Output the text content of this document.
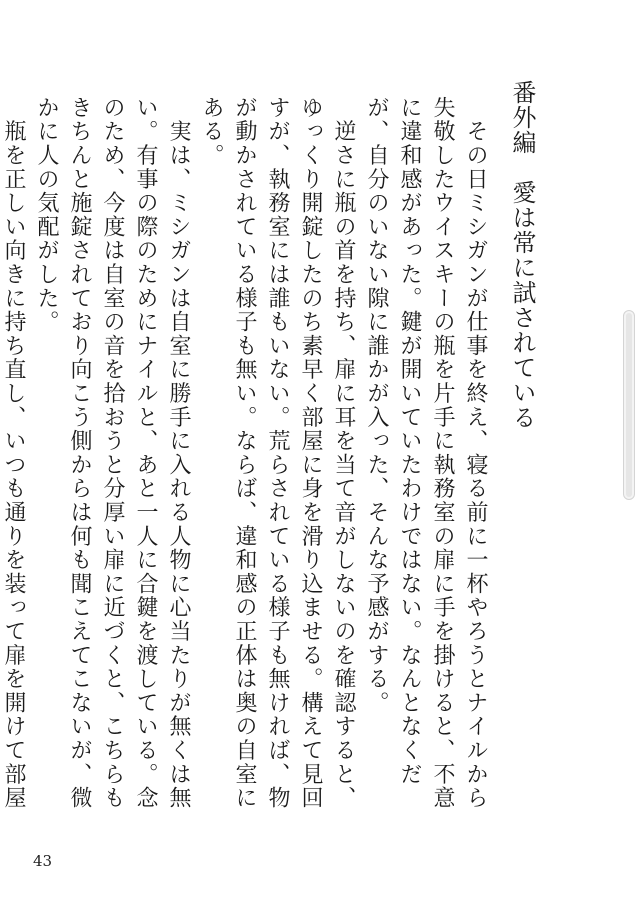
番外編　愛は常に試されている

　その日ミシガンが仕事を終え、寝る前に一杯やろうとナイルから失敬したウイスキーの瓶を片手に執務室の扉に手を掛けると、不意に違和感があった。鍵が開いていたわけではない。なんとなくだが、自分のいない隙に誰かが入った、そんな予感がする。

　逆さに瓶の首を持ち、扉に耳を当て音がしないのを確認すると、ゆっくり開錠したのち素早く部屋に身を滑り込ませる。構えて見回すが、執務室には誰もいない。荒らされている様子も無ければ、物が動かされている様子も無い。ならば、違和感の正体は奥の自室にある。

　実は、ミシガンは自室に勝手に入れる人物に心当たりが無くは無い。有事の際のためにナイルと、あと一人に合鍵を渡している。念のため、今度は自室の音を拾おうと分厚い扉に近づくと、こちらもきちんと施錠されており向こう側からは何も聞こえてこないが、微かに人の気配がした。

　瓶を正しい向きに持ち直し、いつも通りを装って扉を開けて部屋

43
